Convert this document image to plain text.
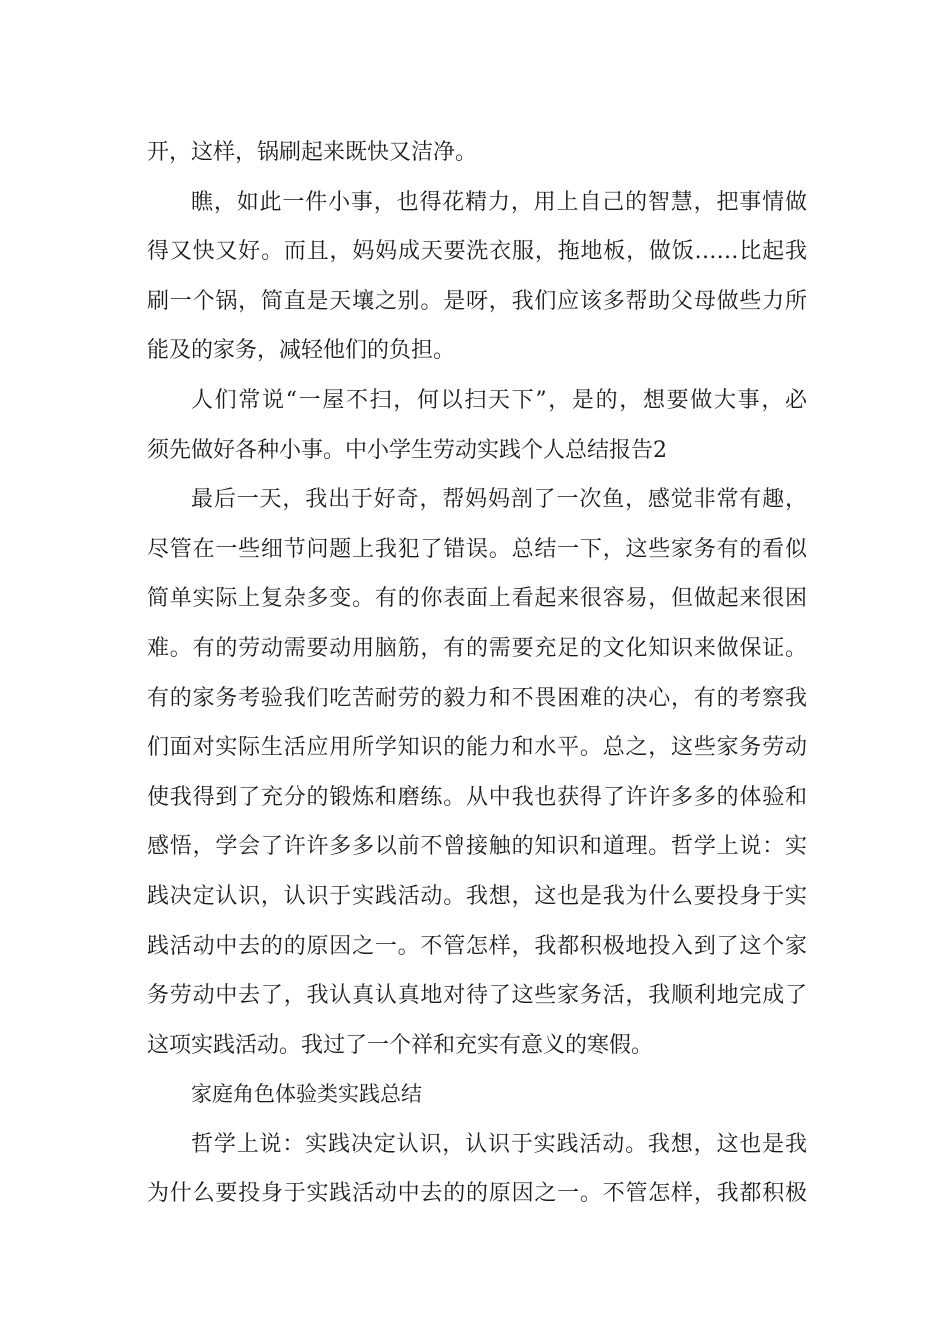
开，这样，锅刷起来既快又洁净。
瞧，如此一件小事，也得花精力，用上自己的智慧，把事情做
得又快又好。而且，妈妈成天要洗衣服，拖地板，做饭……比起我
刷一个锅，简直是天壤之别。是呀，我们应该多帮助父母做些力所
能及的家务，减轻他们的负担。
人们常说“一屋不扫，何以扫天下”，是的，想要做大事，必
须先做好各种小事。中小学生劳动实践个人总结报告2
最后一天，我出于好奇，帮妈妈剖了一次鱼，感觉非常有趣，
尽管在一些细节问题上我犯了错误。总结一下，这些家务有的看似
简单实际上复杂多变。有的你表面上看起来很容易，但做起来很困
难。有的劳动需要动用脑筋，有的需要充足的文化知识来做保证。
有的家务考验我们吃苦耐劳的毅力和不畏困难的决心，有的考察我
们面对实际生活应用所学知识的能力和水平。总之，这些家务劳动
使我得到了充分的锻炼和磨练。从中我也获得了许许多多的体验和
感悟，学会了许许多多以前不曾接触的知识和道理。哲学上说：实
践决定认识，认识于实践活动。我想，这也是我为什么要投身于实
践活动中去的的原因之一。不管怎样，我都积极地投入到了这个家
务劳动中去了，我认真认真地对待了这些家务活，我顺利地完成了
这项实践活动。我过了一个祥和充实有意义的寒假。
家庭角色体验类实践总结
哲学上说：实践决定认识，认识于实践活动。我想，这也是我
为什么要投身于实践活动中去的的原因之一。不管怎样，我都积极
